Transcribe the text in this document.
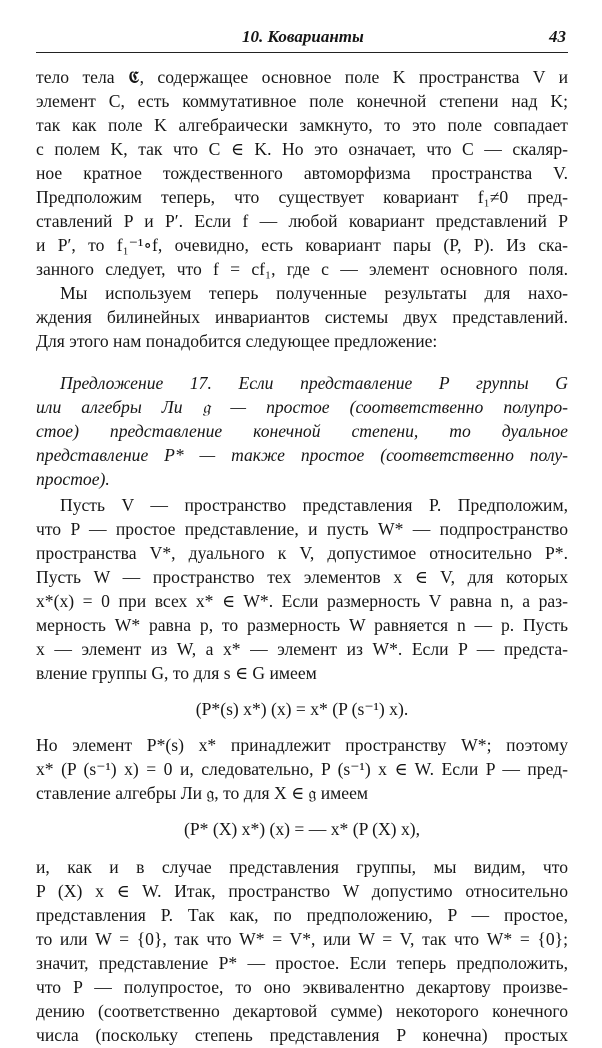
10. Коварианты	43
тело тела 𝕮, содержащее основное поле K пространства V и
элемент C, есть коммутативное поле конечной степени над K;
так как поле K алгебраически замкнуто, то это поле совпадает
с полем K, так что C ∈ K. Но это означает, что C — скаляр-
ное кратное тождественного автоморфизма пространства V.
Предположим теперь, что существует ковариант f₁≠0 пред-
ставлений P и P′. Если f — любой ковариант представлений P
и P′, то f₁⁻¹∘f, очевидно, есть ковариант пары (P, P). Из ска-
занного следует, что f = cf₁, где c — элемент основного поля.
Мы используем теперь полученные результаты для нахо-
ждения билинейных инвариантов системы двух представлений.
Для этого нам понадобится следующее предложение:
Предложение 17. Если представление P группы G
или алгебры Ли 𝔤 — простое (соответственно полупро-
стое) представление конечной степени, то дуальное
представление P* — также простое (соответственно полу-
простое).
Пусть V — пространство представления P. Предположим,
что P — простое представление, и пусть W* — подпространство
пространства V*, дуального к V, допустимое относительно P*.
Пусть W — пространство тех элементов x ∈ V, для которых
x*(x) = 0 при всех x* ∈ W*. Если размерность V равна n, а раз-
мерность W* равна p, то размерность W равняется n — p. Пусть
x — элемент из W, а x* — элемент из W*. Если P — предста-
вление группы G, то для s ∈ G имеем
(P*(s) x*) (x) = x* (P (s⁻¹) x).
Но элемент P*(s) x* принадлежит пространству W*; поэтому
x* (P (s⁻¹) x) = 0 и, следовательно, P (s⁻¹) x ∈ W. Если P — пред-
ставление алгебры Ли 𝔤, то для X ∈ 𝔤 имеем
(P* (X) x*) (x) = — x* (P (X) x),
и, как и в случае представления группы, мы видим, что
P (X) x ∈ W. Итак, пространство W допустимо относительно
представления P. Так как, по предположению, P — простое,
то или W = {0}, так что W* = V*, или W = V, так что W* = {0};
значит, представление P* — простое. Если теперь предположить,
что P — полупростое, то оно эквивалентно декартову произве-
дению (соответственно декартовой сумме) некоторого конечного
числа (поскольку степень представления P конечна) простых
